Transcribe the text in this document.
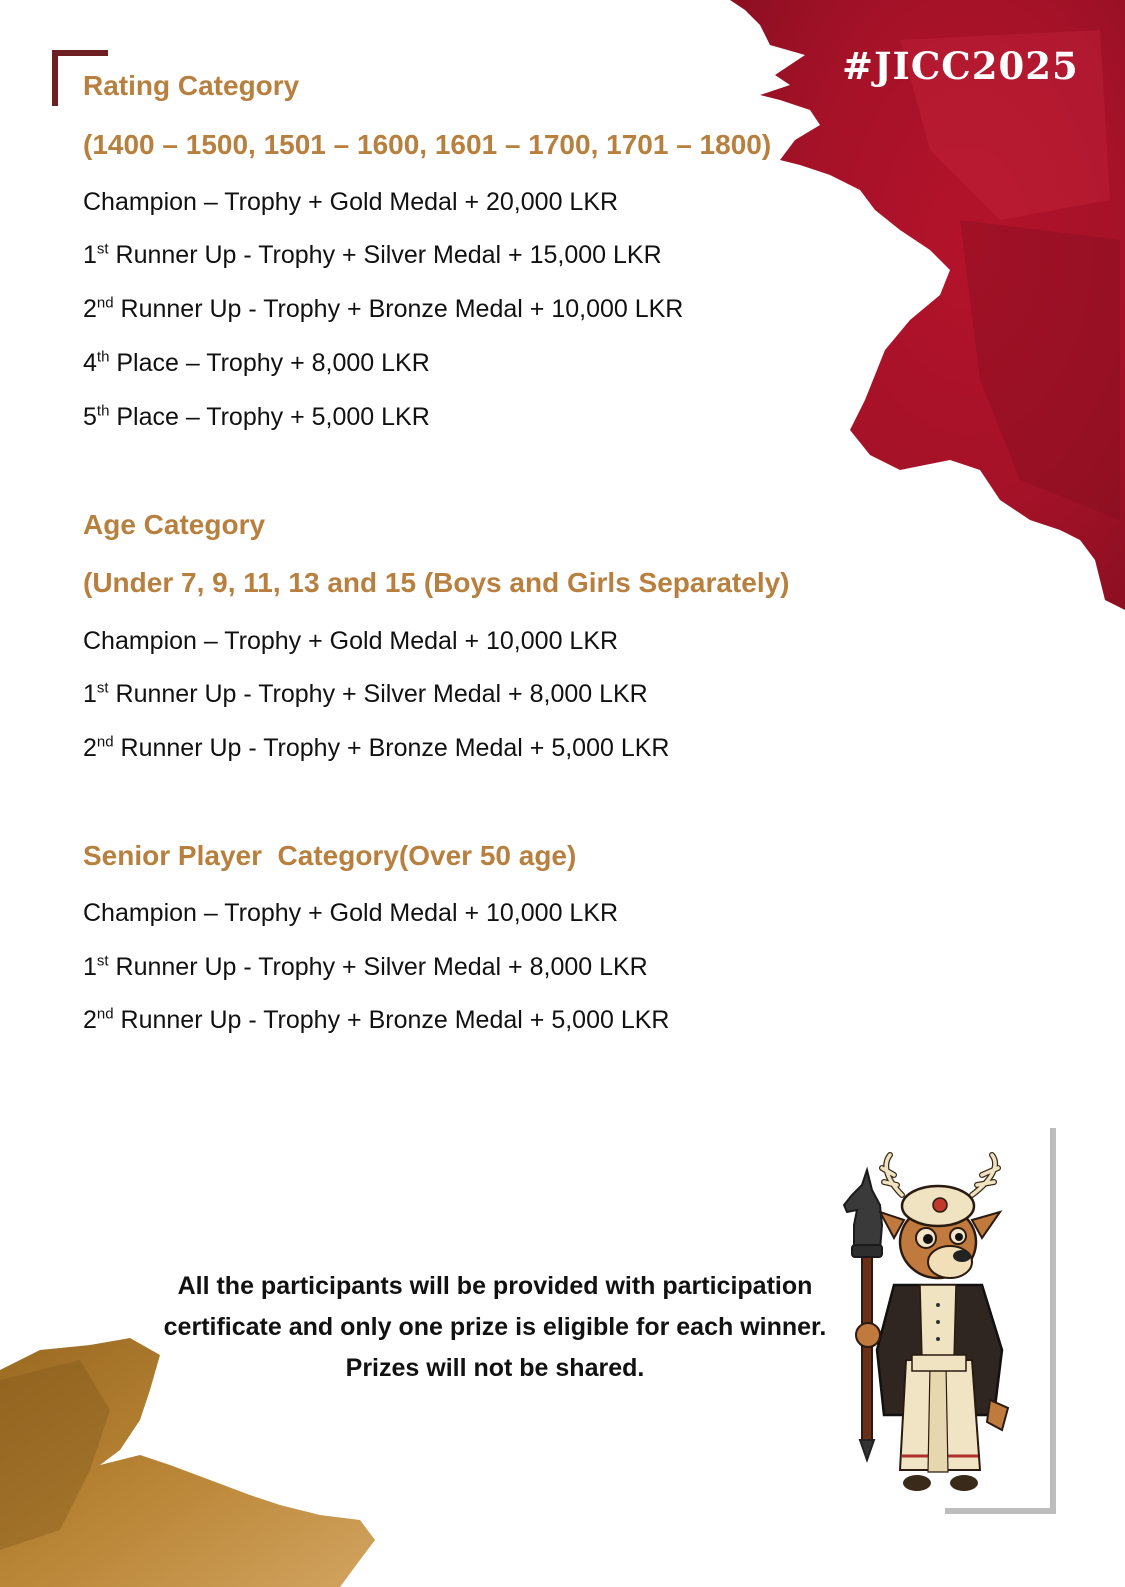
#JICC2025
Rating Category
(1400 – 1500, 1501 – 1600, 1601 – 1700, 1701 – 1800)
Champion – Trophy + Gold Medal + 20,000 LKR
1st Runner Up - Trophy + Silver Medal + 15,000 LKR
2nd Runner Up - Trophy + Bronze Medal + 10,000 LKR
4th Place – Trophy + 8,000 LKR
5th Place – Trophy + 5,000 LKR
Age Category
(Under 7, 9, 11, 13 and 15 (Boys and Girls Separately)
Champion – Trophy + Gold Medal + 10,000 LKR
1st Runner Up - Trophy + Silver Medal + 8,000 LKR
2nd Runner Up - Trophy + Bronze Medal + 5,000 LKR
Senior Player  Category(Over 50 age)
Champion – Trophy + Gold Medal + 10,000 LKR
1st Runner Up - Trophy + Silver Medal + 8,000 LKR
2nd Runner Up - Trophy + Bronze Medal + 5,000 LKR
All the participants will be provided with participation
certificate and only one prize is eligible for each winner.
Prizes will not be shared.
